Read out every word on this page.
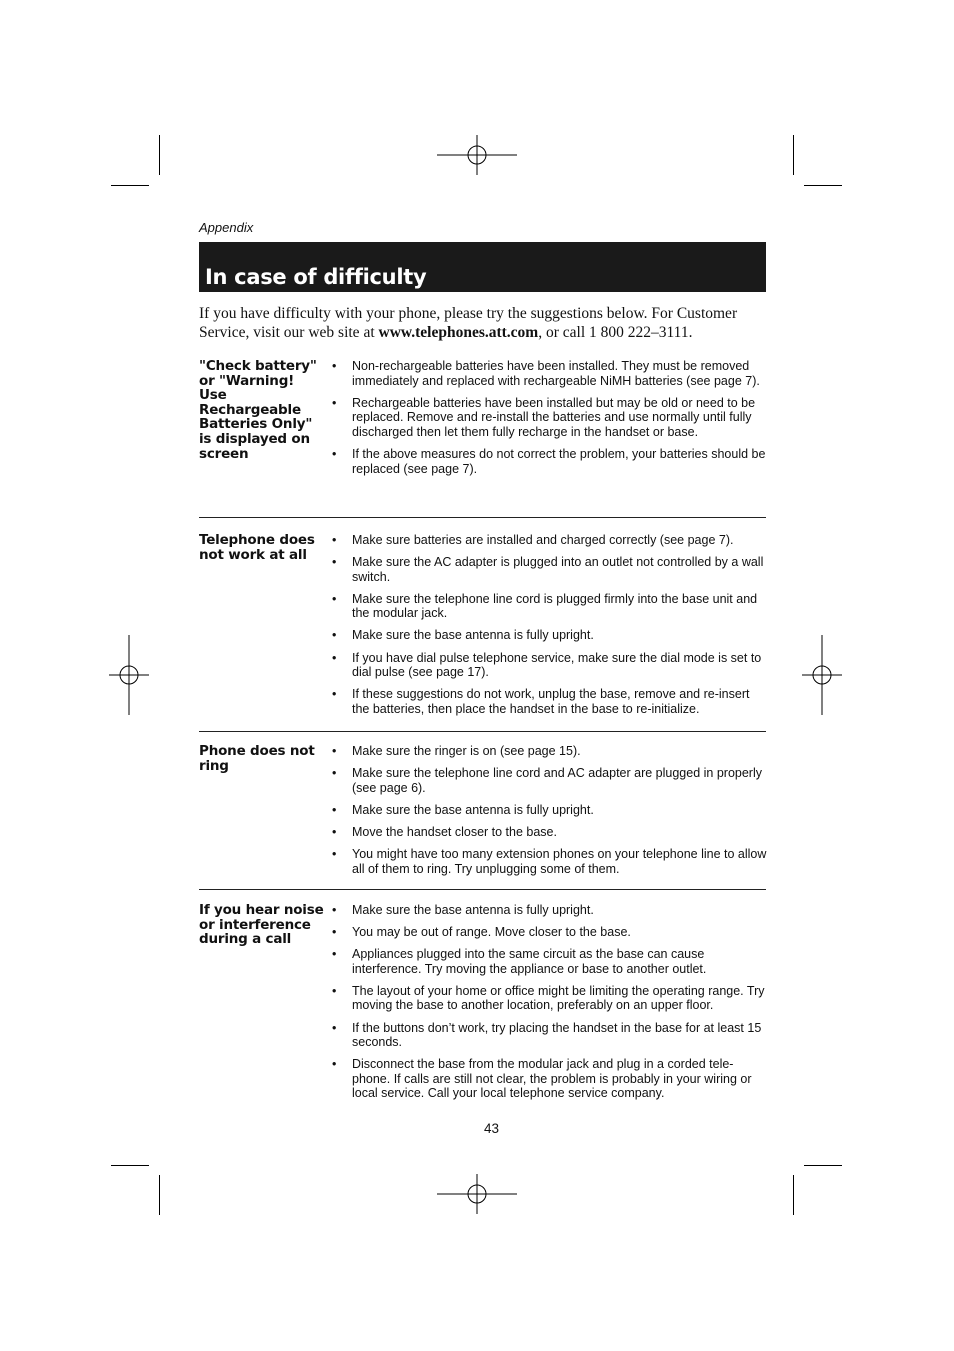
Appendix
In case of difficulty
If you have difficulty with your phone, please try the suggestions below. For Customer Service, visit our web site at www.telephones.att.com, or call 1 800 222–3111.
"Check battery" or "Warning! Use Rechargeable Batteries Only" is displayed on screen
• Non-rechargeable batteries have been installed. They must be removed immediately and replaced with rechargeable NiMH batteries (see page 7).
• Rechargeable batteries have been installed but may be old or need to be replaced. Remove and re-install the batteries and use normally until fully discharged then let them fully recharge in the handset or base.
• If the above measures do not correct the problem, your batteries should be replaced (see page 7).
Telephone does not work at all
• Make sure batteries are installed and charged correctly (see page 7).
• Make sure the AC adapter is plugged into an outlet not controlled by a wall switch.
• Make sure the telephone line cord is plugged firmly into the base unit and the modular jack.
• Make sure the base antenna is fully upright.
• If you have dial pulse telephone service, make sure the dial mode is set to dial pulse (see page 17).
• If these suggestions do not work, unplug the base, remove and re-insert the batteries, then place the handset in the base to re-initialize.
Phone does not ring
• Make sure the ringer is on (see page 15).
• Make sure the telephone line cord and AC adapter are plugged in properly (see page 6).
• Make sure the base antenna is fully upright.
• Move the handset closer to the base.
• You might have too many extension phones on your telephone line to allow all of them to ring. Try unplugging some of them.
If you hear noise or interference during a call
• Make sure the base antenna is fully upright.
• You may be out of range. Move closer to the base.
• Appliances plugged into the same circuit as the base can cause interference. Try moving the appliance or base to another outlet.
• The layout of your home or office might be limiting the operating range. Try moving the base to another location, preferably on an upper floor.
• If the buttons don’t work, try placing the handset in the base for at least 15 seconds.
• Disconnect the base from the modular jack and plug in a corded tele-phone. If calls are still not clear, the problem is probably in your wiring or local service. Call your local telephone service company.
43
